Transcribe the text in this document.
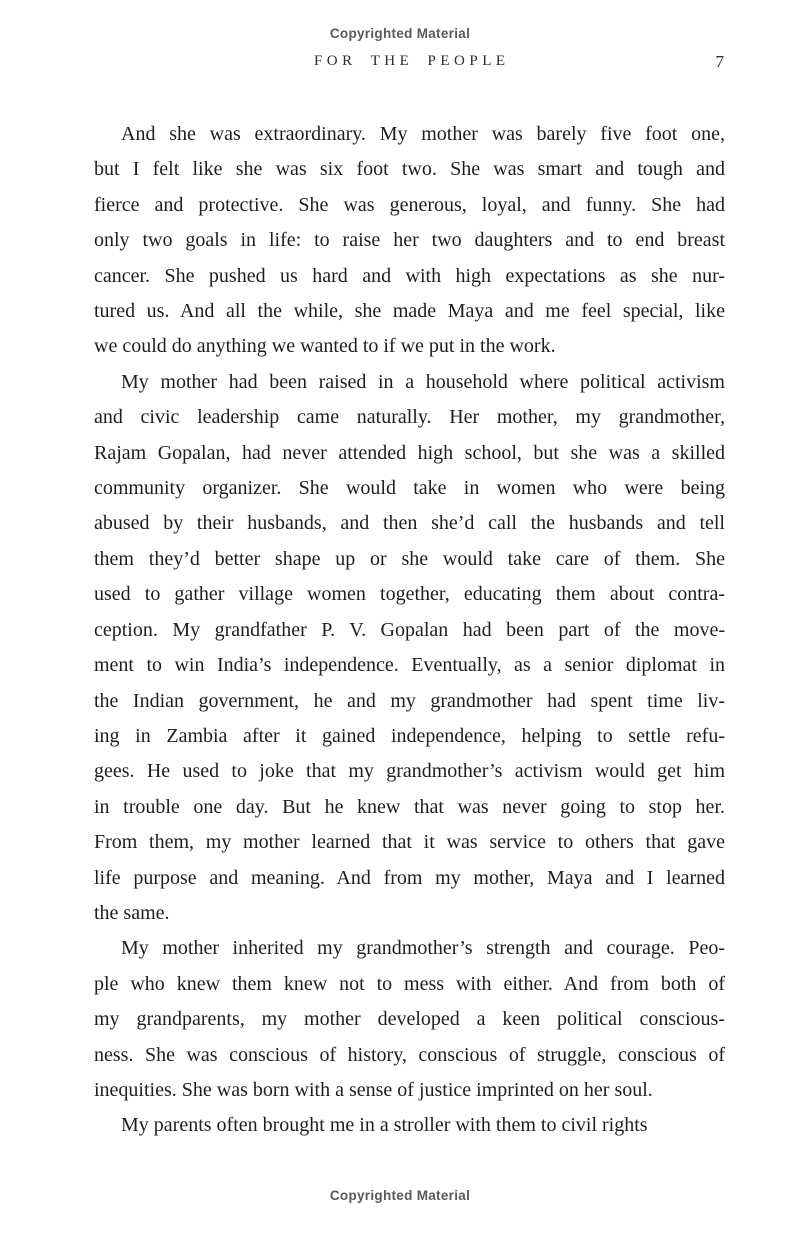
Copyrighted Material
FOR THE PEOPLE	7
And she was extraordinary. My mother was barely five foot one,
but I felt like she was six foot two. She was smart and tough and
fierce and protective. She was generous, loyal, and funny. She had
only two goals in life: to raise her two daughters and to end breast
cancer. She pushed us hard and with high expectations as she nur-
tured us. And all the while, she made Maya and me feel special, like
we could do anything we wanted to if we put in the work.
My mother had been raised in a household where political activism
and civic leadership came naturally. Her mother, my grandmother,
Rajam Gopalan, had never attended high school, but she was a skilled
community organizer. She would take in women who were being
abused by their husbands, and then she’d call the husbands and tell
them they’d better shape up or she would take care of them. She
used to gather village women together, educating them about contra-
ception. My grandfather P. V. Gopalan had been part of the move-
ment to win India’s independence. Eventually, as a senior diplomat in
the Indian government, he and my grandmother had spent time liv-
ing in Zambia after it gained independence, helping to settle refu-
gees. He used to joke that my grandmother’s activism would get him
in trouble one day. But he knew that was never going to stop her.
From them, my mother learned that it was service to others that gave
life purpose and meaning. And from my mother, Maya and I learned
the same.
My mother inherited my grandmother’s strength and courage. Peo-
ple who knew them knew not to mess with either. And from both of
my grandparents, my mother developed a keen political conscious-
ness. She was conscious of history, conscious of struggle, conscious of
inequities. She was born with a sense of justice imprinted on her soul.
My parents often brought me in a stroller with them to civil rights
Copyrighted Material
